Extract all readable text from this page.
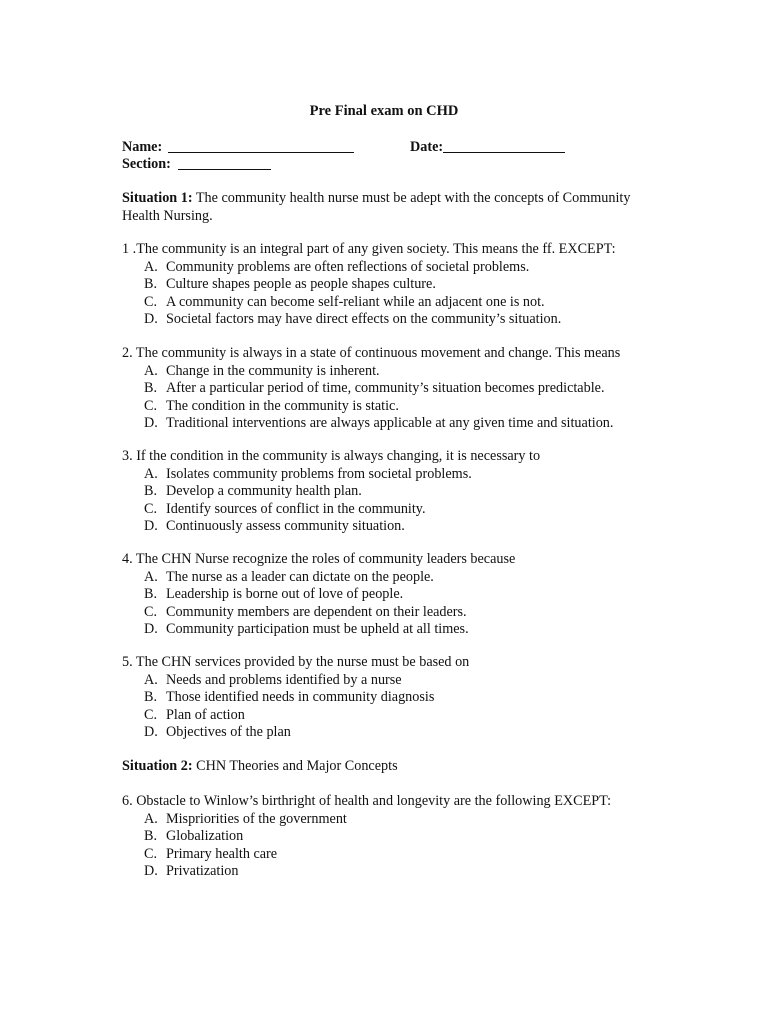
Pre Final exam on CHD
Name:	Date:
Section:

Situation 1: The community health nurse must be adept with the concepts of Community

Health Nursing.

1 .The community is an integral part of any given society. This means the ff. EXCEPT:

A. Community problems are often reflections of societal problems.
B. Culture shapes people as people shapes culture.
C. A community can become self-reliant while an adjacent one is not.
D. Societal factors may have direct effects on the community’s situation.

2. The community is always in a state of continuous movement and change. This means

A. Change in the community is inherent.
B. After a particular period of time, community’s situation becomes predictable.
C. The condition in the community is static.
D. Traditional interventions are always applicable at any given time and situation.

3. If the condition in the community is always changing, it is necessary to

A. Isolates community problems from societal problems.
B. Develop a community health plan.
C. Identify sources of conflict in the community.
D. Continuously assess community situation.

4. The CHN Nurse recognize the roles of community leaders because

A. The nurse as a leader can dictate on the people.
B. Leadership is borne out of love of people.
C. Community members are dependent on their leaders.
D. Community participation must be upheld at all times.

5. The CHN services provided by the nurse must be based on

A. Needs and problems identified by a nurse
B. Those identified needs in community diagnosis
C. Plan of action
D. Objectives of the plan

Situation 2: CHN Theories and Major Concepts

6. Obstacle to Winlow’s birthright of health and longevity are the following EXCEPT:

A. Mispriorities of the government
B. Globalization
C. Primary health care
D. Privatization
